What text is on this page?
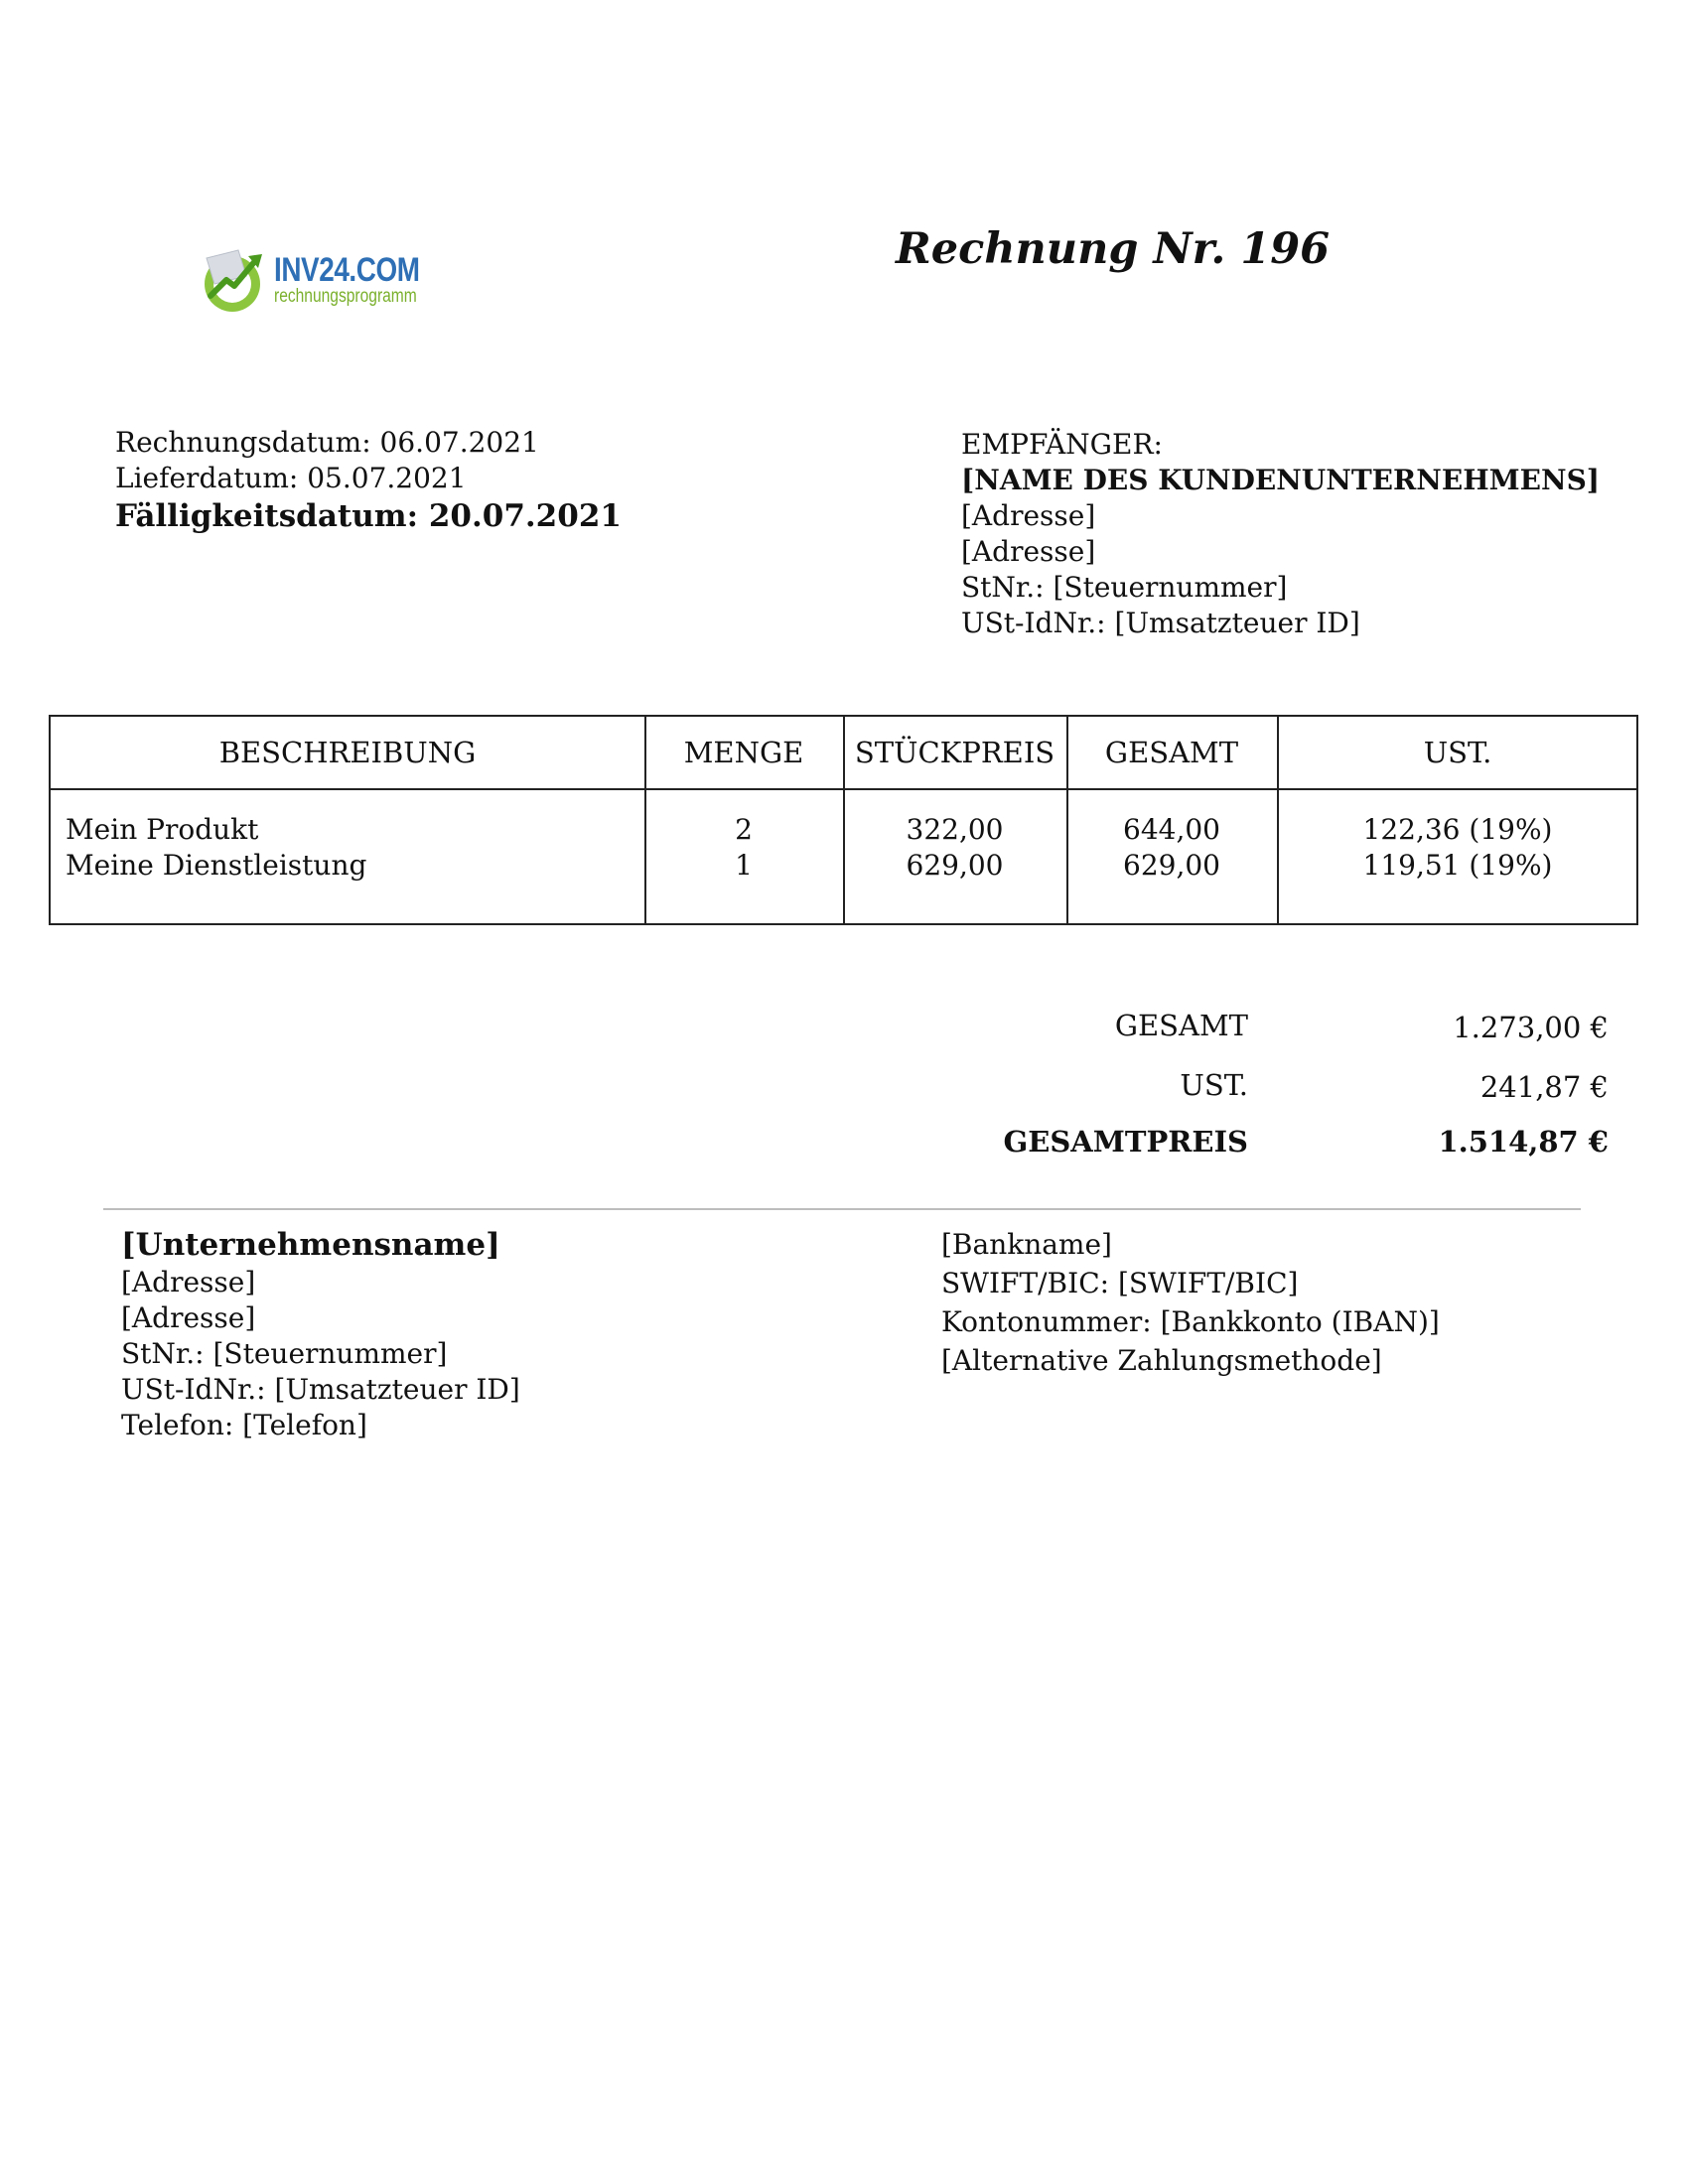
INV24.COM
rechnungsprogramm
Rechnung Nr. 196
Rechnungsdatum: 06.07.2021
Lieferdatum: 05.07.2021
Fälligkeitsdatum: 20.07.2021
EMPFÄNGER:
[NAME DES KUNDENUNTERNEHMENS]
[Adresse]
[Adresse]
StNr.: [Steuernummer]
USt-IdNr.: [Umsatzteuer ID]
BESCHREIBUNG	MENGE	STÜCKPREIS	GESAMT	UST.
Mein Produkt	2	322,00	644,00	122,36 (19%)
Meine Dienstleistung	1	629,00	629,00	119,51 (19%)
GESAMT	1.273,00 €
UST.	241,87 €
GESAMTPREIS	1.514,87 €
[Unternehmensname]
[Adresse]
[Adresse]
StNr.: [Steuernummer]
USt-IdNr.: [Umsatzteuer ID]
Telefon: [Telefon]
[Bankname]
SWIFT/BIC: [SWIFT/BIC]
Kontonummer: [Bankkonto (IBAN)]
[Alternative Zahlungsmethode]
